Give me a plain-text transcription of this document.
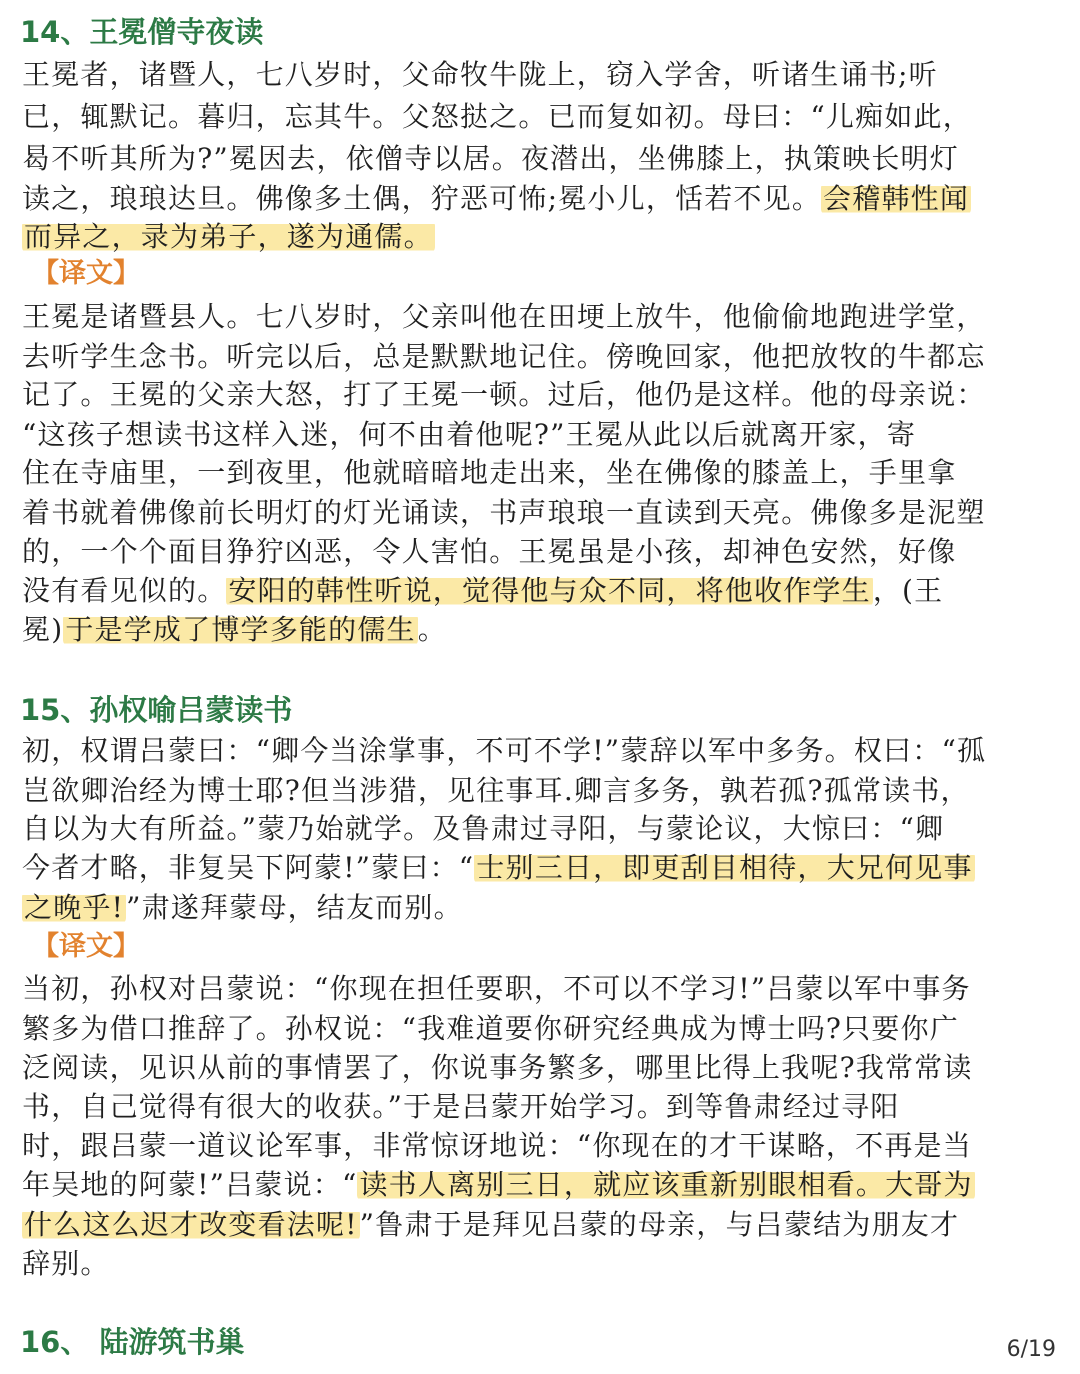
14、王冕僧寺夜读
王冕者，诸暨人，七八岁时，父命牧牛陇上，窃入学舍，听诸生诵书;听
已，辄默记。暮归，忘其牛。父怒挞之。已而复如初。母曰：“儿痴如此，
曷不听其所为?”冕因去，依僧寺以居。夜潜出，坐佛膝上，执策映长明灯
读之，琅琅达旦。佛像多土偶，狞恶可怖;冕小儿，恬若不见。会稽韩性闻
而异之，录为弟子，遂为通儒。
【译文】
王冕是诸暨县人。七八岁时，父亲叫他在田埂上放牛，他偷偷地跑进学堂，
去听学生念书。听完以后，总是默默地记住。傍晚回家，他把放牧的牛都忘
记了。王冕的父亲大怒，打了王冕一顿。过后，他仍是这样。他的母亲说：
“这孩子想读书这样入迷，何不由着他呢?”王冕从此以后就离开家，寄
住在寺庙里，一到夜里，他就暗暗地走出来，坐在佛像的膝盖上，手里拿
着书就着佛像前长明灯的灯光诵读，书声琅琅一直读到天亮。佛像多是泥塑
的，一个个面目狰狞凶恶，令人害怕。王冕虽是小孩，却神色安然，好像
没有看见似的。安阳的韩性听说，觉得他与众不同，将他收作学生，(王
冕)于是学成了博学多能的儒生。
15、孙权喻吕蒙读书
初，权谓吕蒙曰：“卿今当涂掌事，不可不学!”蒙辞以军中多务。权曰：“孤
岂欲卿治经为博士耶?但当涉猎，见往事耳.卿言多务，孰若孤?孤常读书，
自以为大有所益。”蒙乃始就学。及鲁肃过寻阳，与蒙论议，大惊曰：“卿
今者才略，非复吴下阿蒙!”蒙曰：“士别三日，即更刮目相待，大兄何见事
之晚乎!”肃遂拜蒙母，结友而别。
【译文】
当初，孙权对吕蒙说：“你现在担任要职，不可以不学习!”吕蒙以军中事务
繁多为借口推辞了。孙权说：“我难道要你研究经典成为博士吗?只要你广
泛阅读，见识从前的事情罢了，你说事务繁多，哪里比得上我呢?我常常读
书，自己觉得有很大的收获。”于是吕蒙开始学习。到等鲁肃经过寻阳
时，跟吕蒙一道议论军事，非常惊讶地说：“你现在的才干谋略，不再是当
年吴地的阿蒙!”吕蒙说：“读书人离别三日，就应该重新别眼相看。大哥为
什么这么迟才改变看法呢!”鲁肃于是拜见吕蒙的母亲，与吕蒙结为朋友才
辞别。
16、 陆游筑书巢	6/19
